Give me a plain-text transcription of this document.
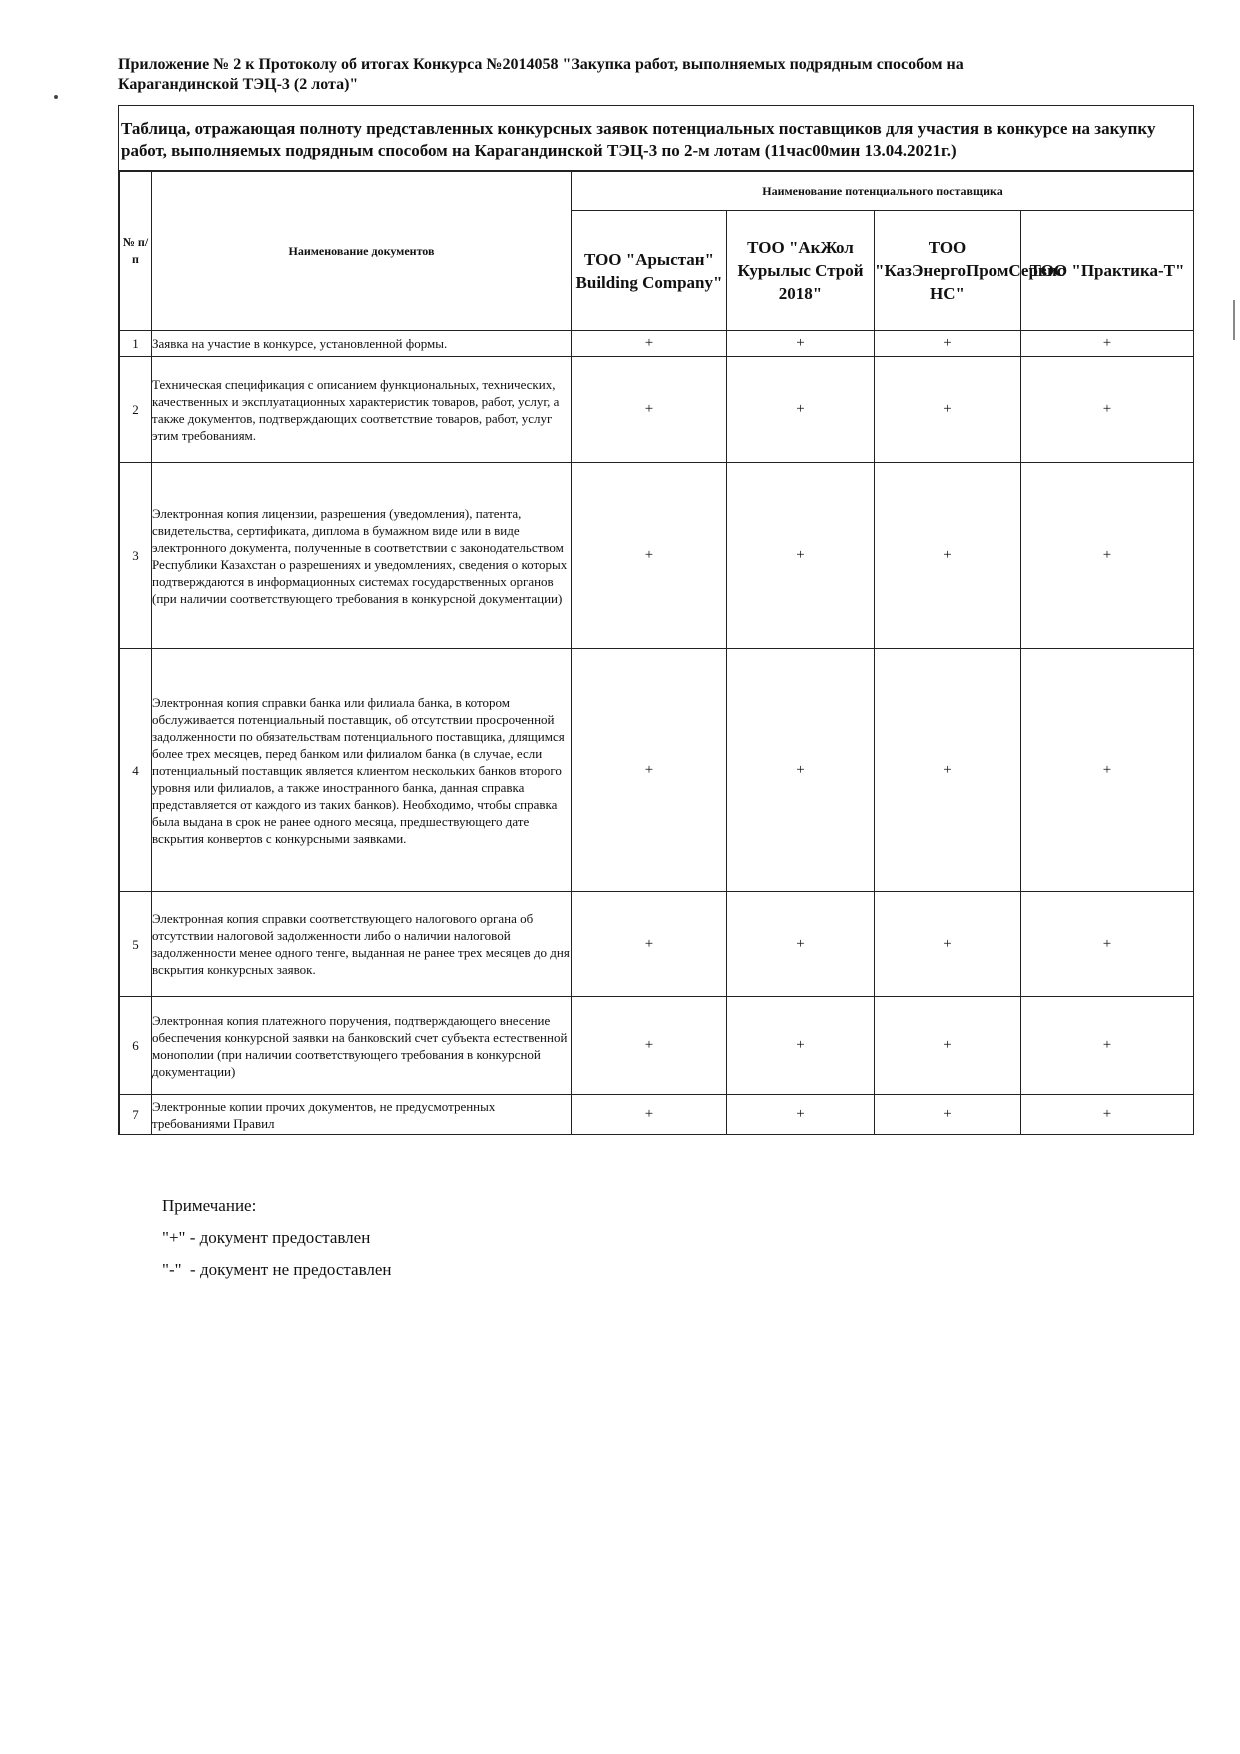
Приложение № 2 к Протоколу об итогах Конкурса №2014058 "Закупка работ, выполняемых подрядным способом на
Карагандинской ТЭЦ-3 (2 лота)"
Таблица, отражающая полноту представленных конкурсных заявок потенциальных поставщиков для участия в конкурсе на закупку работ, выполняемых подрядным способом на Карагандинской ТЭЦ-3 по 2-м лотам (11час00мин 13.04.2021г.)
№ п/п	Наименование документов	Наименование потенциального поставщика			
		ТОО "Арыстан" Building Company"	ТОО "АкЖол Курылыс Строй 2018"	ТОО "КазЭнергоПромСервис НС"	ТОО "Практика-Т"
1	Заявка на участие в конкурсе, установленной формы.	+	+	+	+
2	Техническая спецификация с описанием функциональных, технических, качественных и эксплуатационных характеристик товаров, работ, услуг, а также документов, подтверждающих соответствие товаров, работ, услуг этим требованиям.	+	+	+	+
3	Электронная копия лицензии, разрешения (уведомления), патента, свидетельства, сертификата, диплома в бумажном виде или в виде электронного документа, полученные в соответствии с законодательством Республики Казахстан о разрешениях и уведомлениях, сведения о которых подтверждаются в информационных системах государственных органов (при наличии соответствующего требования в конкурсной документации)	+	+	+	+
4	Электронная копия справки банка или филиала банка, в котором обслуживается потенциальный поставщик, об отсутствии просроченной задолженности по обязательствам потенциального поставщика, длящимся более трех месяцев, перед банком или филиалом банка (в случае, если потенциальный поставщик является клиентом нескольких банков второго уровня или филиалов, а также иностранного банка, данная справка представляется от каждого из таких банков). Необходимо, чтобы справка была выдана в срок не ранее одного месяца, предшествующего дате вскрытия конвертов с конкурсными заявками.	+	+	+	+
5	Электронная копия справки соответствующего налогового органа об отсутствии налоговой задолженности либо о наличии налоговой задолженности менее одного тенге, выданная не ранее трех месяцев до дня вскрытия конкурсных заявок.	+	+	+	+
6	Электронная копия платежного поручения, подтверждающего внесение обеспечения конкурсной заявки на банковский счет субъекта естественной монополии (при наличии соответствующего требования в конкурсной документации)	+	+	+	+
7	Электронные копии прочих документов, не предусмотренных требованиями Правил	+	+	+	+
Примечание:
"+" - документ предоставлен
"-"  - документ не предоставлен
